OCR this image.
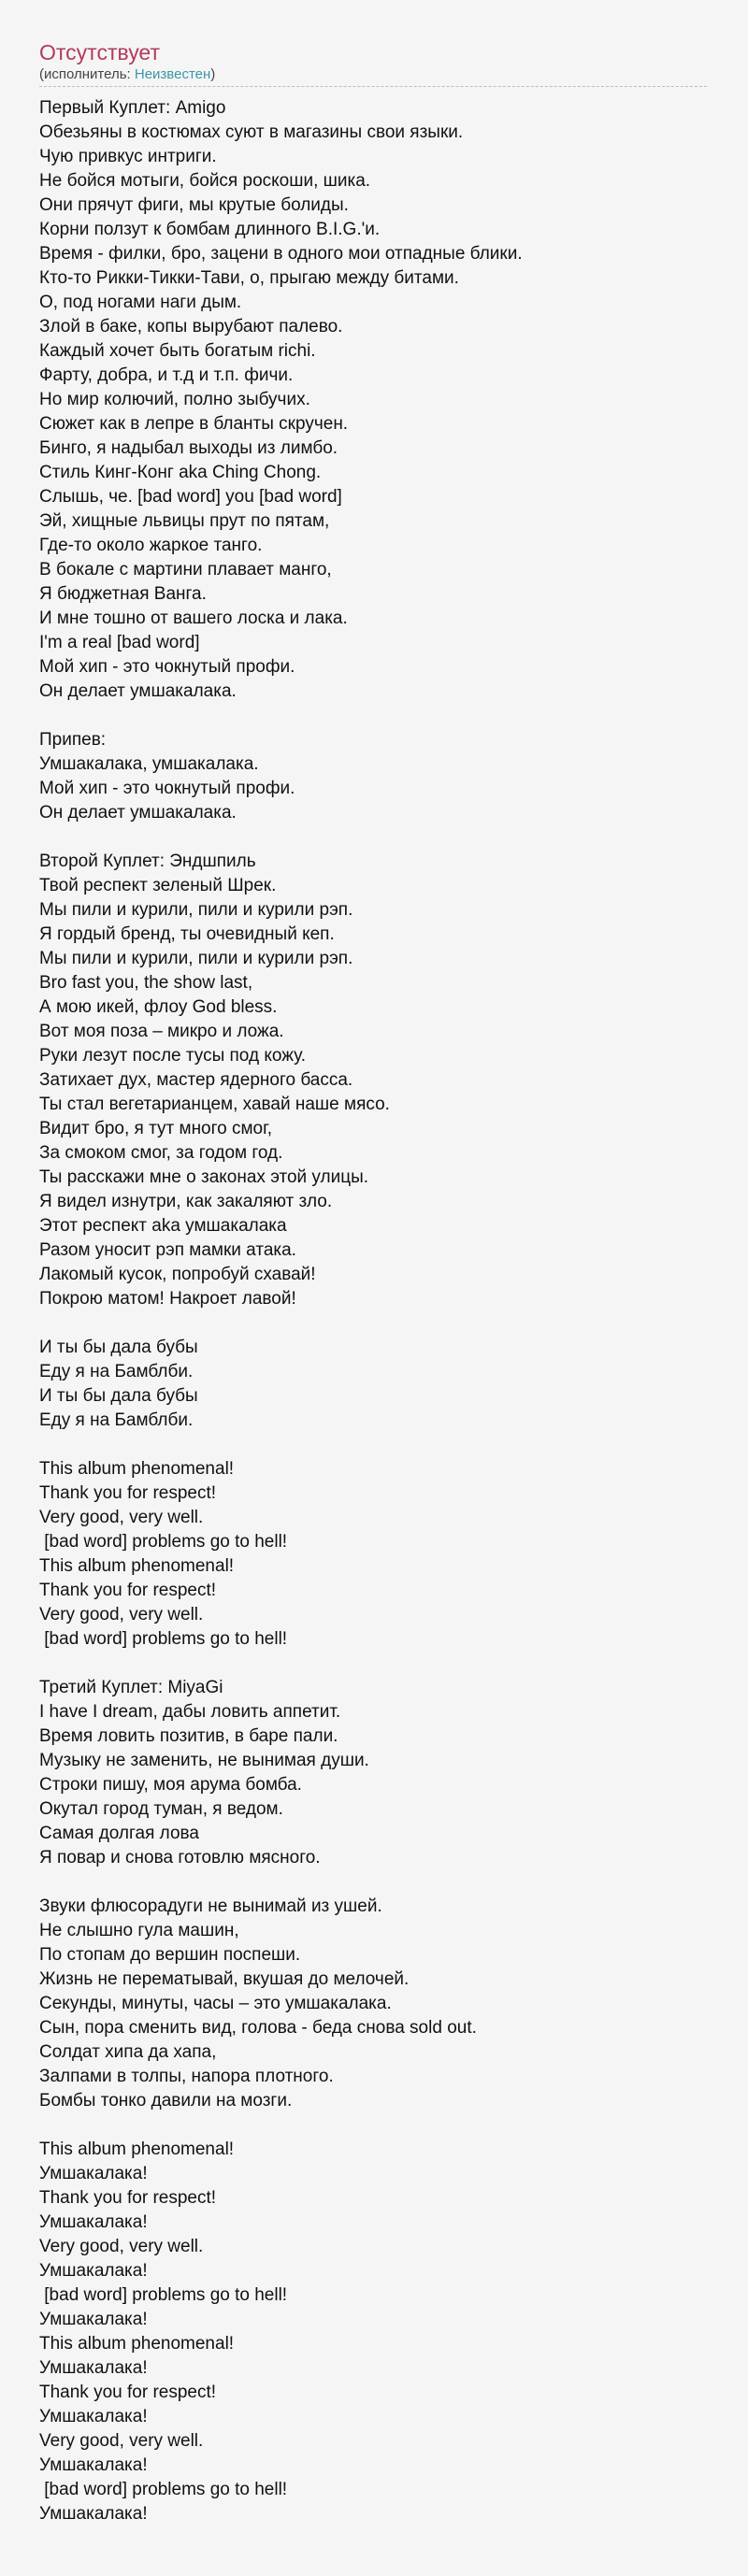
Отсутствует
(исполнитель: Неизвестен)
Первый Куплет: Amigo
Обезьяны в костюмах суют в магазины свои языки.
Чую привкус интриги.
Не бойся мотыги, бойся роскоши, шика.
Они прячут фиги, мы крутые болиды.
Корни ползут к бомбам длинного B.I.G.'и.
Время - филки, бро, зацени в одного мои отпадные блики.
Кто-то Рикки-Тикки-Тави, о, прыгаю между битами.
О, под ногами наги дым.
Злой в баке, копы вырубают палево.
Каждый хочет быть богатым richi.
Фарту, добра, и т.д и т.п. фичи.
Но мир колючий, полно зыбучих.
Сюжет как в лепре в бланты скручен.
Бинго, я надыбал выходы из лимбо.
Стиль Кинг-Конг aka Ching Chong.
Слышь, че. [bad word] you [bad word]
Эй, хищные львицы прут по пятам,
Где-то около жаркое танго.
В бокале с мартини плавает манго,
Я бюджетная Ванга.
И мне тошно от вашего лоска и лака.
I'm a real [bad word]
Мой хип - это чокнутый профи.
Он делает умшакалака.
Припев:
Умшакалака, умшакалака.
Мой хип - это чокнутый профи.
Он делает умшакалака.
Второй Куплет: Эндшпиль
Твой респект зеленый Шрек.
Мы пили и курили, пили и курили рэп.
Я гордый бренд, ты очевидный кеп.
Мы пили и курили, пили и курили рэп.
Bro fast you, the show last,
А мою икей, флоу God bless.
Вот моя поза – микро и ложа.
Руки лезут после тусы под кожу.
Затихает дух, мастер ядерного басса.
Ты стал вегетарианцем, хавай наше мясо.
Видит бро, я тут много смог,
За смоком смог, за годом год.
Ты расскажи мне о законах этой улицы.
Я видел изнутри, как закаляют зло.
Этот респект aka умшакалака
Разом уносит рэп мамки атака.
Лакомый кусок, попробуй схавай!
Покрою матом! Накроет лавой!
И ты бы дала бубы
Еду я на Бамблби.
И ты бы дала бубы
Еду я на Бамблби.
This album phenomenal!
Thank you for respect!
Very good, very well.
[bad word] problems go to hell!
This album phenomenal!
Thank you for respect!
Very good, very well.
[bad word] problems go to hell!
Третий Куплет: MiyaGi
I have I dream, дабы ловить аппетит.
Время ловить позитив, в баре пали.
Музыку не заменить, не вынимая души.
Строки пишу, моя арума бомба.
Окутал город туман, я ведом.
Самая долгая лова
Я повар и снова готовлю мясного.
Звуки флюсорадуги не вынимай из ушей.
Не слышно гула машин,
По стопам до вершин поспеши.
Жизнь не перематывай, вкушая до мелочей.
Секунды, минуты, часы – это умшакалака.
Сын, пора сменить вид, голова - беда снова sold out.
Солдат хипа да хапа,
Залпами в толпы, напора плотного.
Бомбы тонко давили на мозги.
This album phenomenal!
Умшакалака!
Thank you for respect!
Умшакалака!
Very good, very well.
Умшакалака!
[bad word] problems go to hell!
Умшакалака!
This album phenomenal!
Умшакалака!
Thank you for respect!
Умшакалака!
Very good, very well.
Умшакалака!
[bad word] problems go to hell!
Умшакалака!
